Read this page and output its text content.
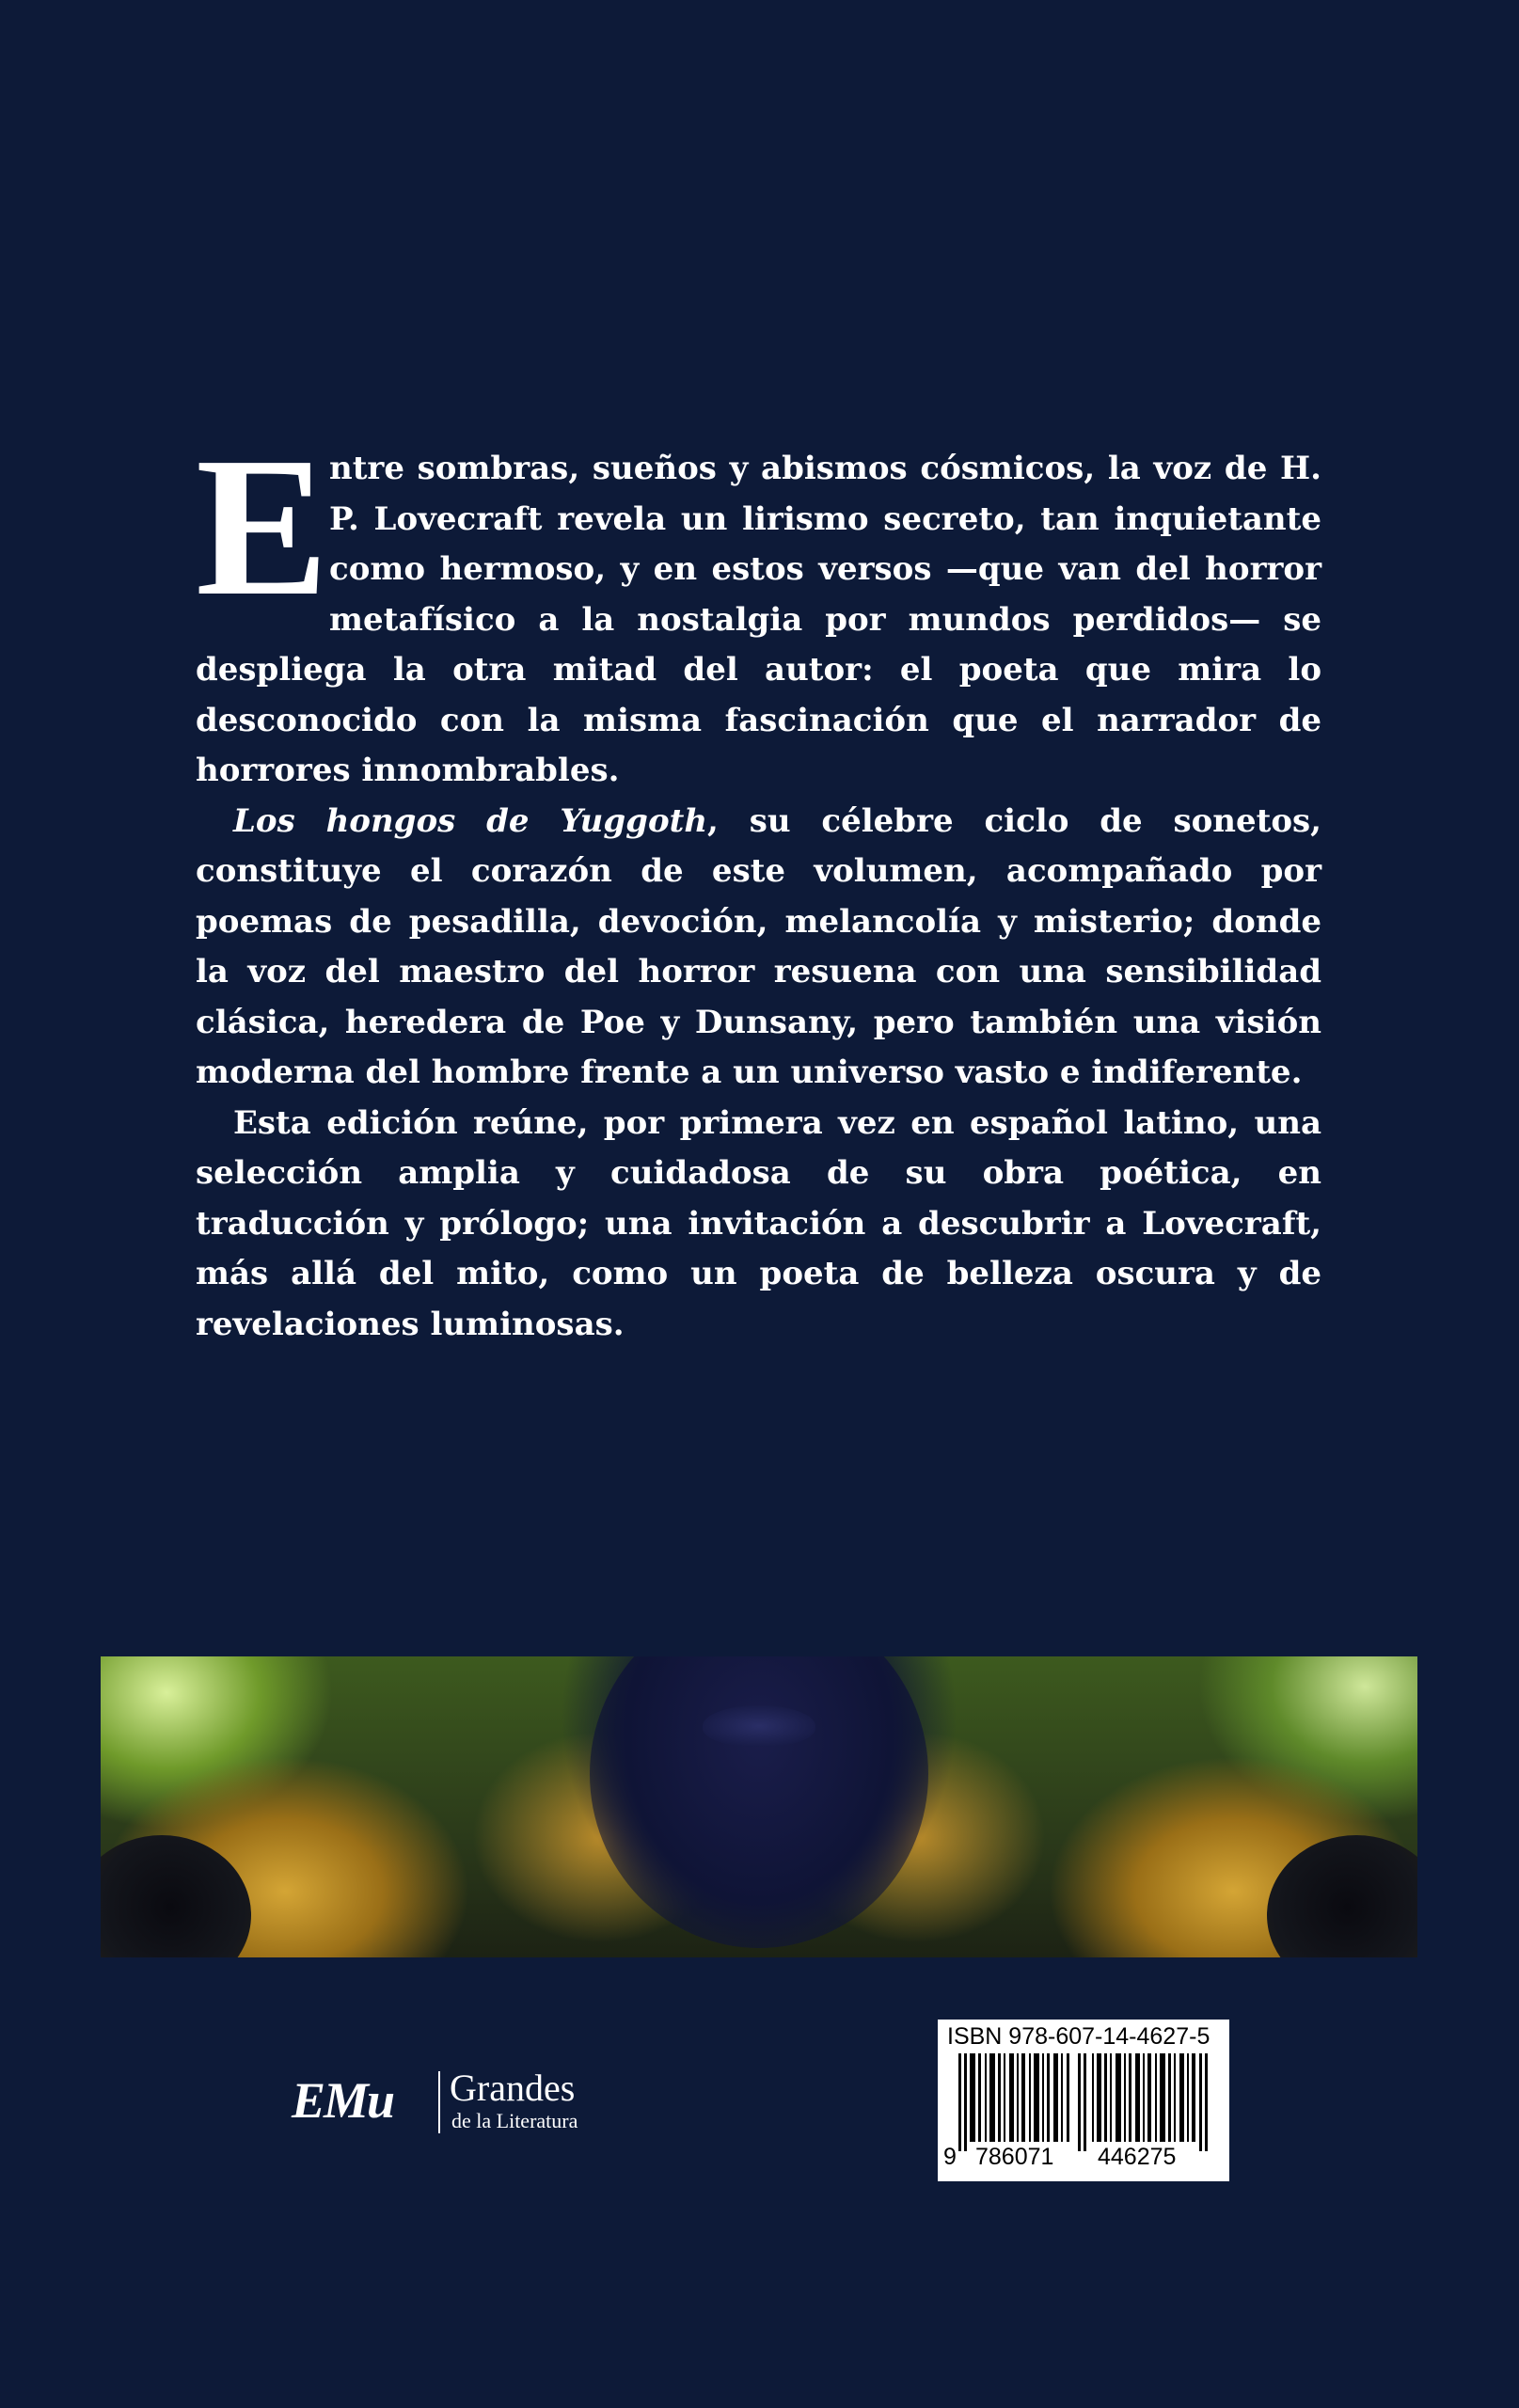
Entre sombras, sueños y abismos cósmicos, la voz de H. P. Lovecraft revela un lirismo secreto, tan inquietante como hermoso, y en estos versos —que van del horror metafísico a la nostalgia por mundos perdidos— se despliega la otra mitad del autor: el poeta que mira lo desconocido con la misma fascinación que el narrador de horrores innombrables.

Los hongos de Yuggoth, su célebre ciclo de sonetos, constituye el corazón de este volumen, acompañado por poemas de pesadilla, devoción, melancolía y misterio; donde la voz del maestro del horror resuena con una sensibilidad clásica, heredera de Poe y Dunsany, pero también una visión moderna del hombre frente a un universo vasto e indiferente.

Esta edición reúne, por primera vez en español latino, una selección amplia y cuidadosa de su obra poética, en traducción y prólogo; una invitación a descubrir a Lovecraft, más allá del mito, como un poeta de belleza oscura y de revelaciones luminosas.

EMu Grandes
de la Literatura
ISBN 978-607-14-4627-5
9 786071 446275
